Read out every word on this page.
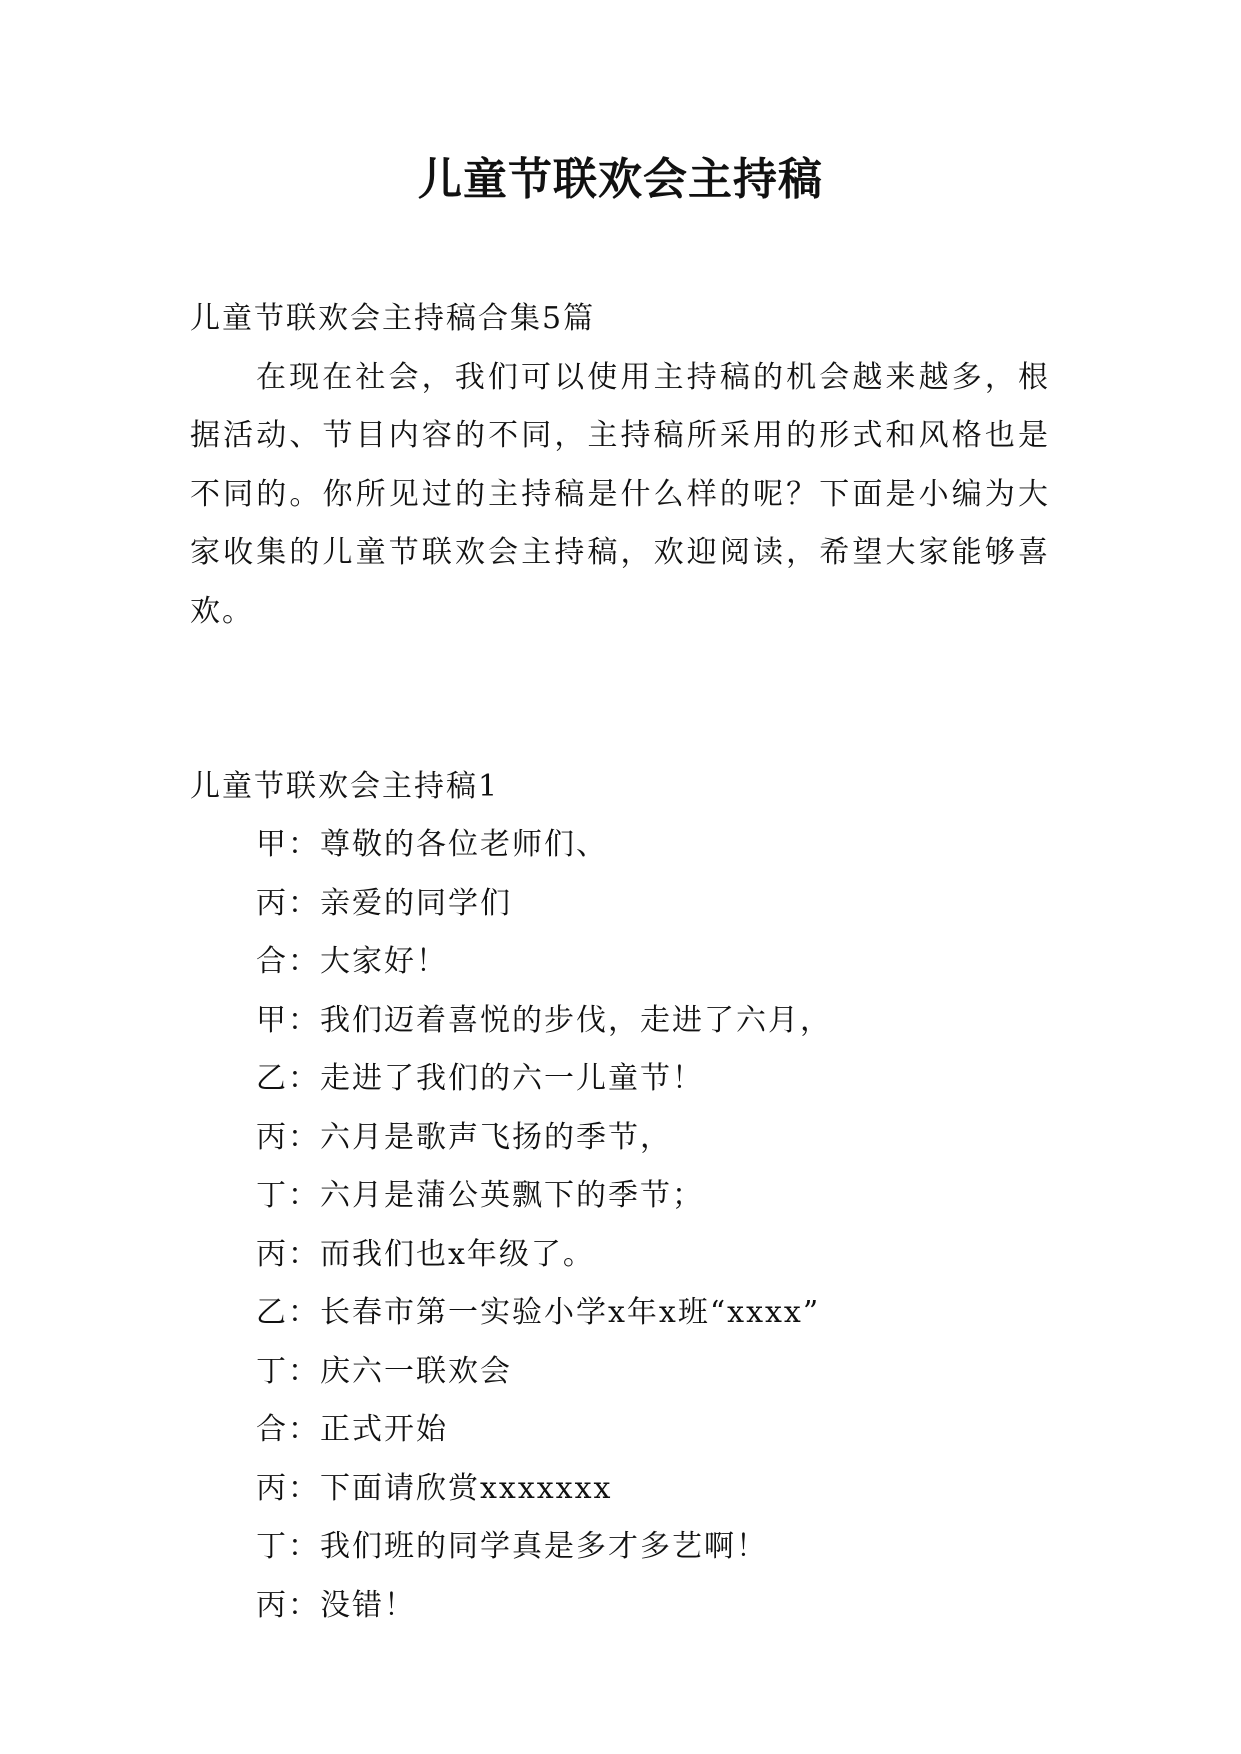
儿童节联欢会主持稿
儿童节联欢会主持稿合集5篇
在现在社会，我们可以使用主持稿的机会越来越多，根据活动、节目内容的不同，主持稿所采用的形式和风格也是不同的。你所见过的主持稿是什么样的呢？下面是小编为大家收集的儿童节联欢会主持稿，欢迎阅读，希望大家能够喜欢。
儿童节联欢会主持稿1
甲：尊敬的各位老师们、
丙：亲爱的同学们
合：大家好！
甲：我们迈着喜悦的步伐，走进了六月，
乙：走进了我们的六一儿童节！
丙：六月是歌声飞扬的季节，
丁：六月是蒲公英飘下的季节；
丙：而我们也x年级了。
乙：长春市第一实验小学x年x班“xxxx”
丁：庆六一联欢会
合：正式开始
丙：下面请欣赏xxxxxxx
丁：我们班的同学真是多才多艺啊！
丙：没错！
